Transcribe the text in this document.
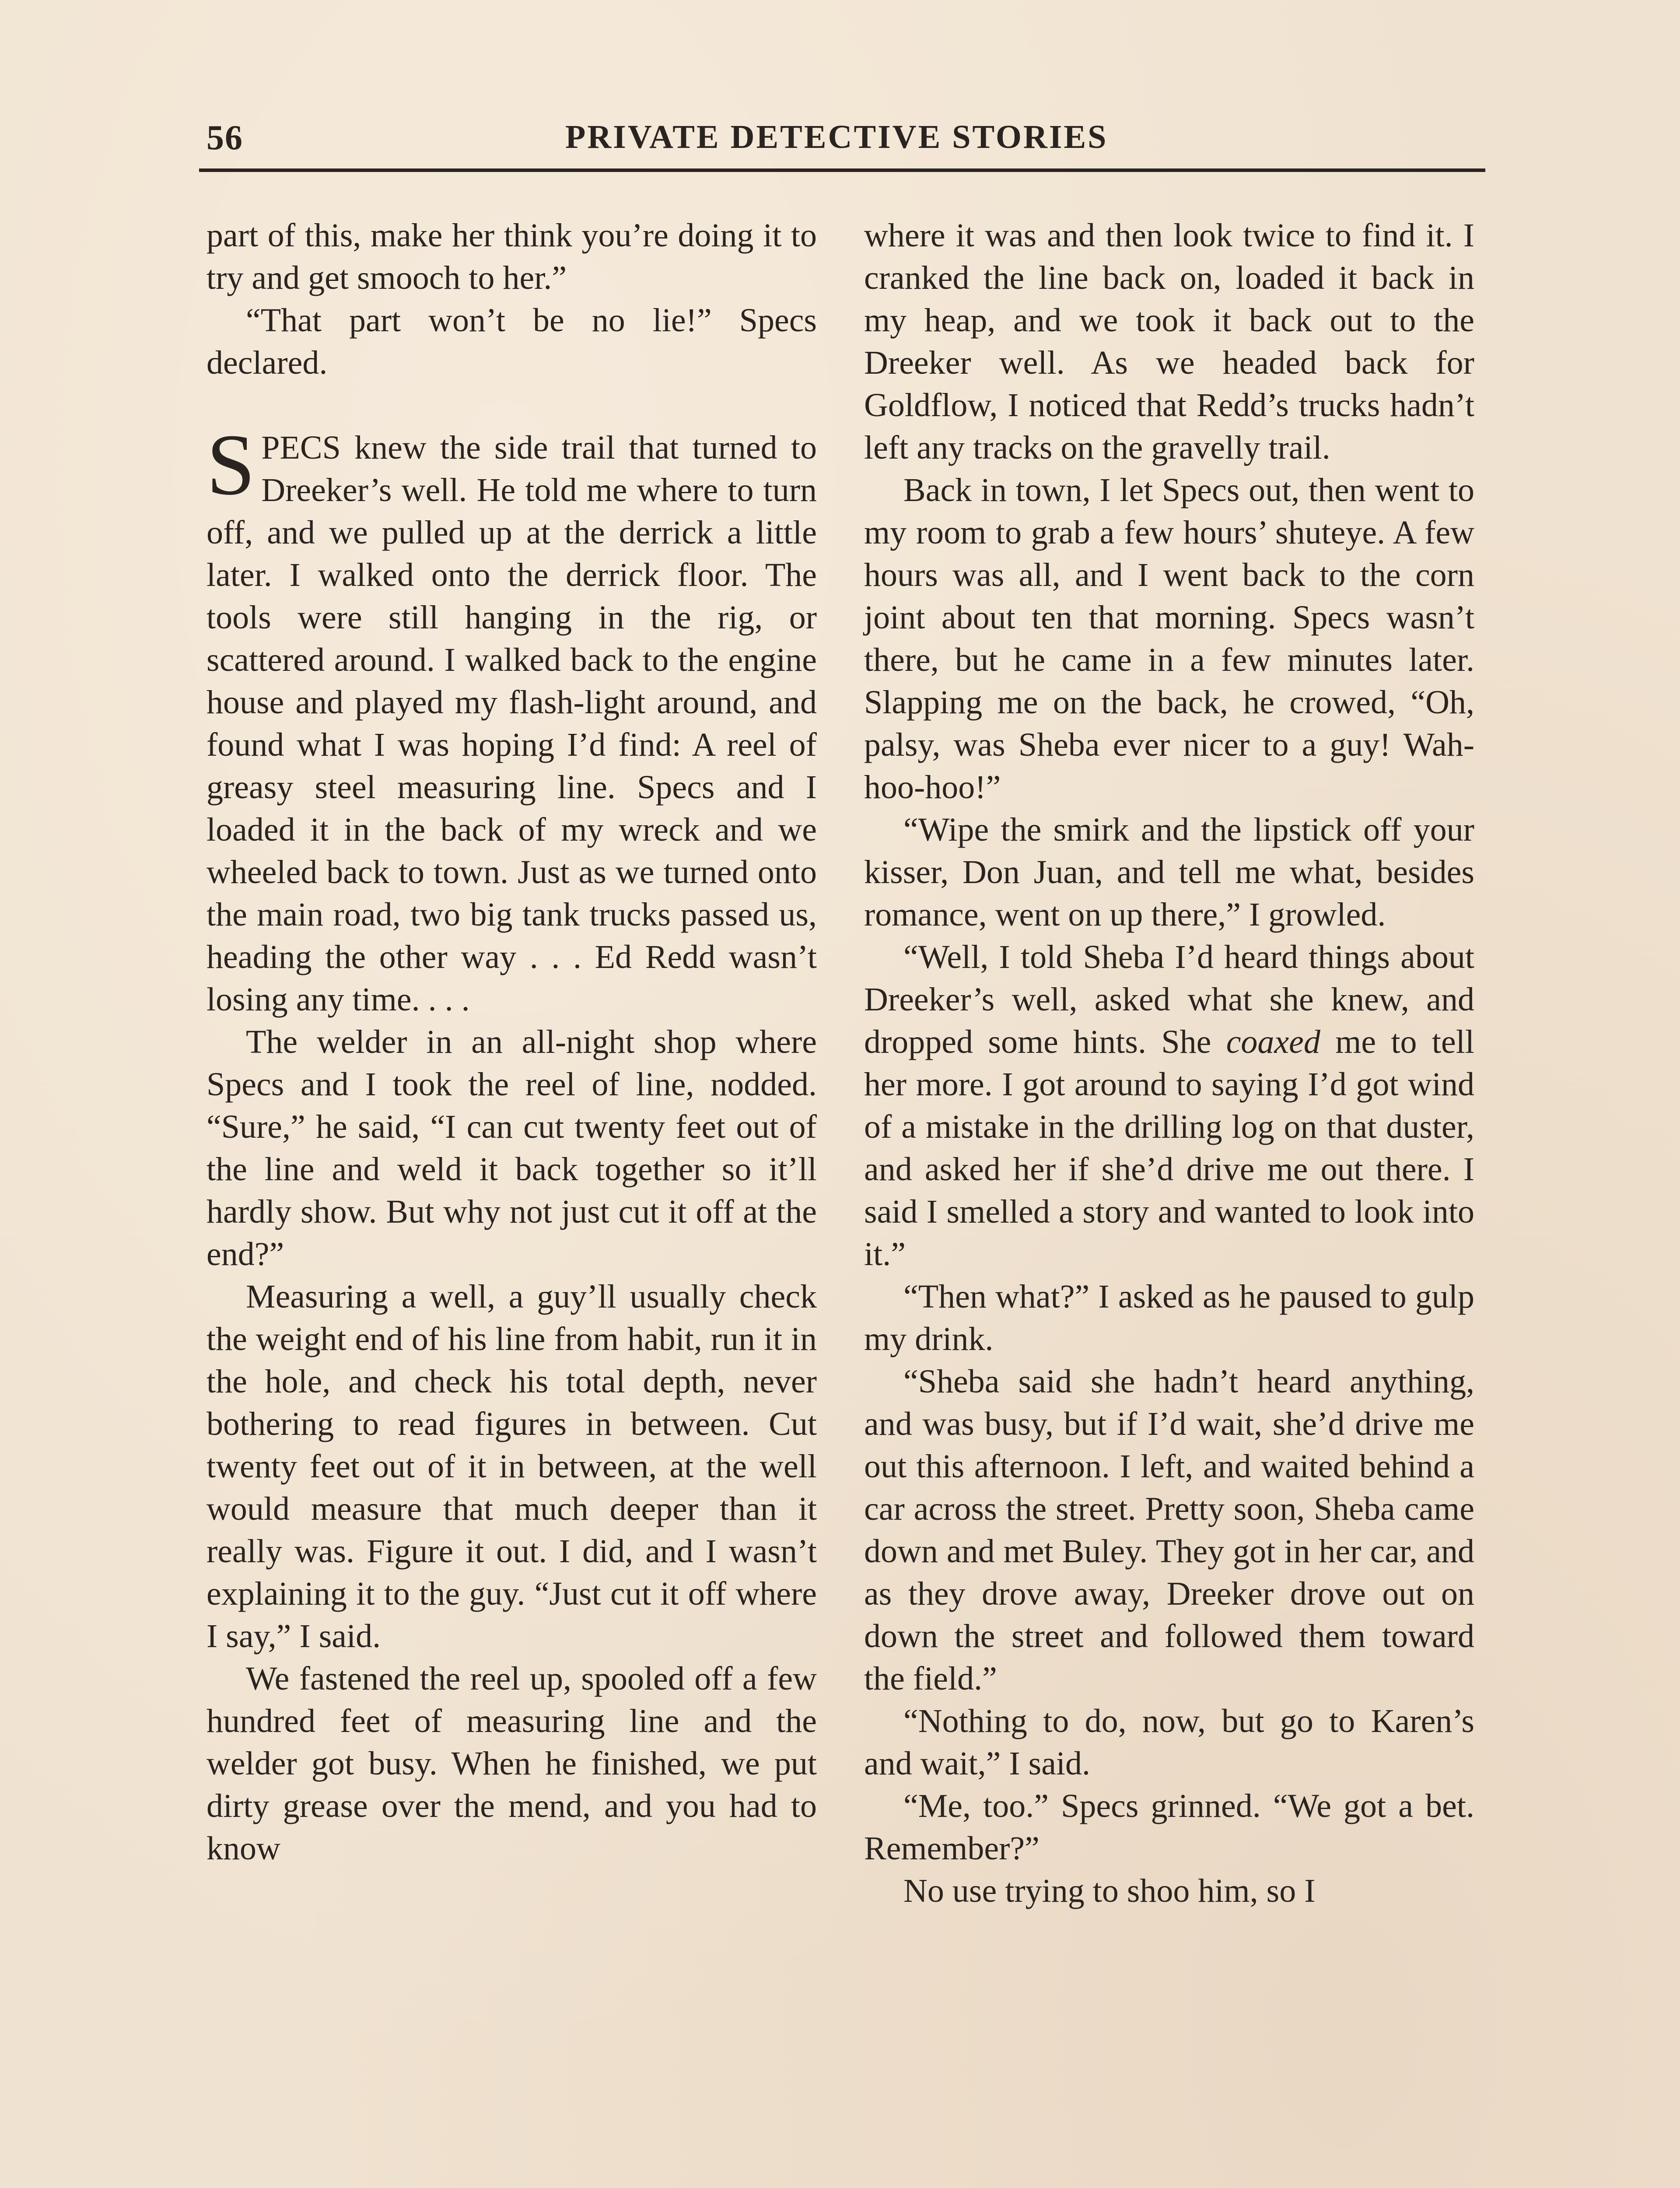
56	PRIVATE DETECTIVE STORIES

part of this, make her think you’re doing it to try and get smooch to her.”

“That part won’t be no lie!” Specs declared.

SPECS knew the side trail that turned to Dreeker’s well. He told me where to turn off, and we pulled up at the derrick a little later. I walked onto the derrick floor. The tools were still hanging in the rig, or scattered around. I walked back to the engine house and played my flash-light around, and found what I was hoping I’d find: A reel of greasy steel measuring line. Specs and I loaded it in the back of my wreck and we wheeled back to town. Just as we turned onto the main road, two big tank trucks passed us, heading the other way . . . Ed Redd wasn’t losing any time. . . .

The welder in an all-night shop where Specs and I took the reel of line, nodded. “Sure,” he said, “I can cut twenty feet out of the line and weld it back together so it’ll hardly show. But why not just cut it off at the end?”

Measuring a well, a guy’ll usually check the weight end of his line from habit, run it in the hole, and check his total depth, never bothering to read figures in between. Cut twenty feet out of it in between, at the well would measure that much deeper than it really was. Figure it out. I did, and I wasn’t explaining it to the guy. “Just cut it off where I say,” I said.

We fastened the reel up, spooled off a few hundred feet of measuring line and the welder got busy. When he finished, we put dirty grease over the mend, and you had to know

where it was and then look twice to find it. I cranked the line back on, loaded it back in my heap, and we took it back out to the Dreeker well. As we headed back for Goldflow, I noticed that Redd’s trucks hadn’t left any tracks on the gravelly trail.

Back in town, I let Specs out, then went to my room to grab a few hours’ shuteye. A few hours was all, and I went back to the corn joint about ten that morning. Specs wasn’t there, but he came in a few minutes later. Slapping me on the back, he crowed, “Oh, palsy, was Sheba ever nicer to a guy! Wah-hoo-hoo!”

“Wipe the smirk and the lipstick off your kisser, Don Juan, and tell me what, besides romance, went on up there,” I growled.

“Well, I told Sheba I’d heard things about Dreeker’s well, asked what she knew, and dropped some hints. She coaxed me to tell her more. I got around to saying I’d got wind of a mistake in the drilling log on that duster, and asked her if she’d drive me out there. I said I smelled a story and wanted to look into it.”

“Then what?” I asked as he paused to gulp my drink.

“Sheba said she hadn’t heard anything, and was busy, but if I’d wait, she’d drive me out this afternoon. I left, and waited behind a car across the street. Pretty soon, Sheba came down and met Buley. They got in her car, and as they drove away, Dreeker drove out on down the street and followed them toward the field.”

“Nothing to do, now, but go to Karen’s and wait,” I said.

“Me, too.” Specs grinned. “We got a bet. Remember?”

No use trying to shoo him, so I
